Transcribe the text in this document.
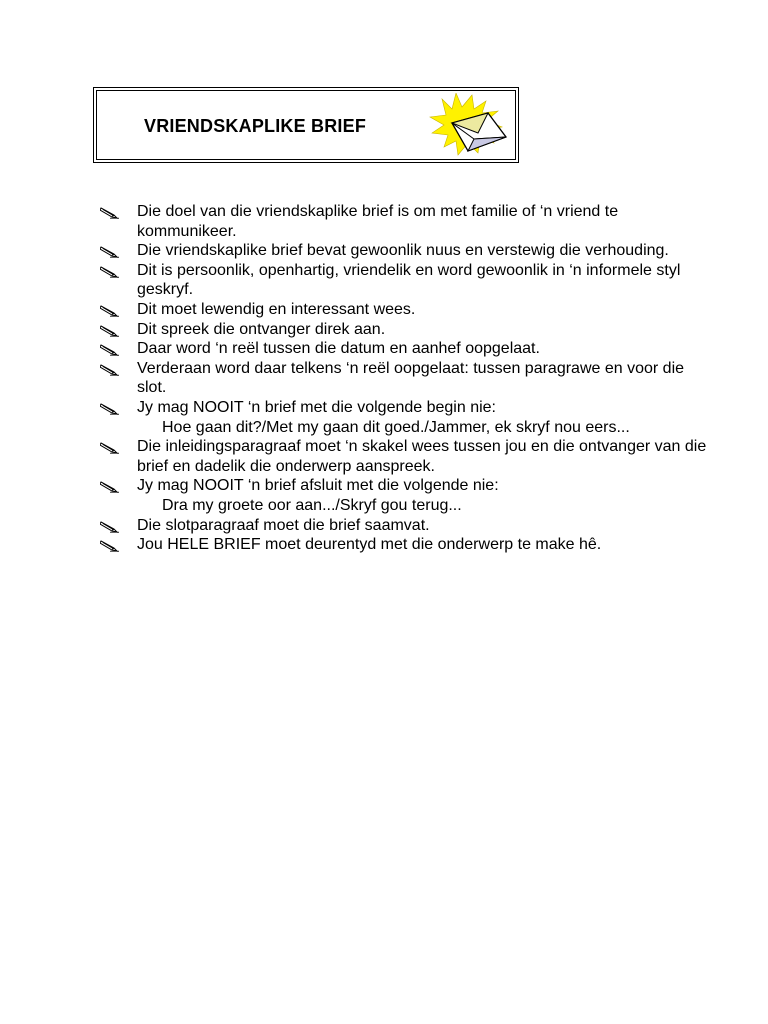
VRIENDSKAPLIKE BRIEF
Die doel van die vriendskaplike brief is om met familie of ‘n vriend te kommunikeer.
Die vriendskaplike brief bevat gewoonlik nuus en verstewig die verhouding.
Dit is persoonlik, openhartig, vriendelik en word gewoonlik in ‘n informele styl geskryf.
Dit moet lewendig en interessant wees.
Dit spreek die ontvanger direk aan.
Daar word ‘n reël tussen die datum en aanhef oopgelaat.
Verderaan word daar telkens ‘n reël oopgelaat: tussen paragrawe en voor die slot.
Jy mag NOOIT ‘n brief met die volgende begin nie:
Hoe gaan dit?/Met my gaan dit goed./Jammer, ek skryf nou eers...
Die inleidingsparagraaf moet ‘n skakel wees tussen jou en die ontvanger van die brief en dadelik die onderwerp aanspreek.
Jy mag NOOIT ‘n brief afsluit met die volgende nie:
Dra my groete oor aan.../Skryf gou terug...
Die slotparagraaf moet die brief saamvat.
Jou HELE BRIEF moet deurentyd met die onderwerp te make hê.
